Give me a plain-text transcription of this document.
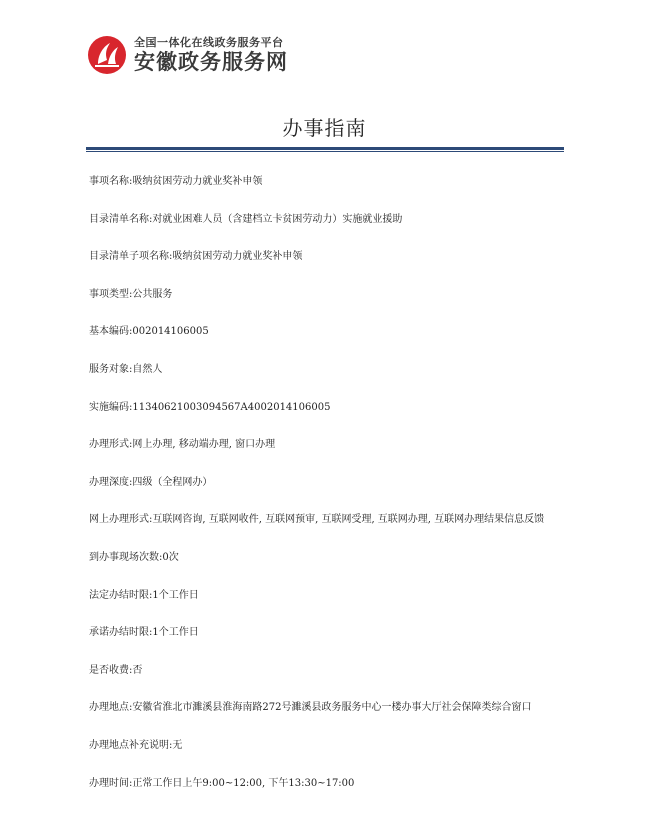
全国一体化在线政务服务平台
安徽政务服务网
办事指南
事项名称:吸纳贫困劳动力就业奖补申领
目录清单名称:对就业困难人员（含建档立卡贫困劳动力）实施就业援助
目录清单子项名称:吸纳贫困劳动力就业奖补申领
事项类型:公共服务
基本编码:002014106005
服务对象:自然人
实施编码:11340621003094567A4002014106005
办理形式:网上办理, 移动端办理, 窗口办理
办理深度:四级（全程网办）
网上办理形式:互联网咨询, 互联网收件, 互联网预审, 互联网受理, 互联网办理, 互联网办理结果信息反馈
到办事现场次数:0次
法定办结时限:1个工作日
承诺办结时限:1个工作日
是否收费:否
办理地点:安徽省淮北市濉溪县淮海南路272号濉溪县政务服务中心一楼办事大厅社会保障类综合窗口
办理地点补充说明:无
办理时间:正常工作日上午9:00~12:00, 下午13:30~17:00
